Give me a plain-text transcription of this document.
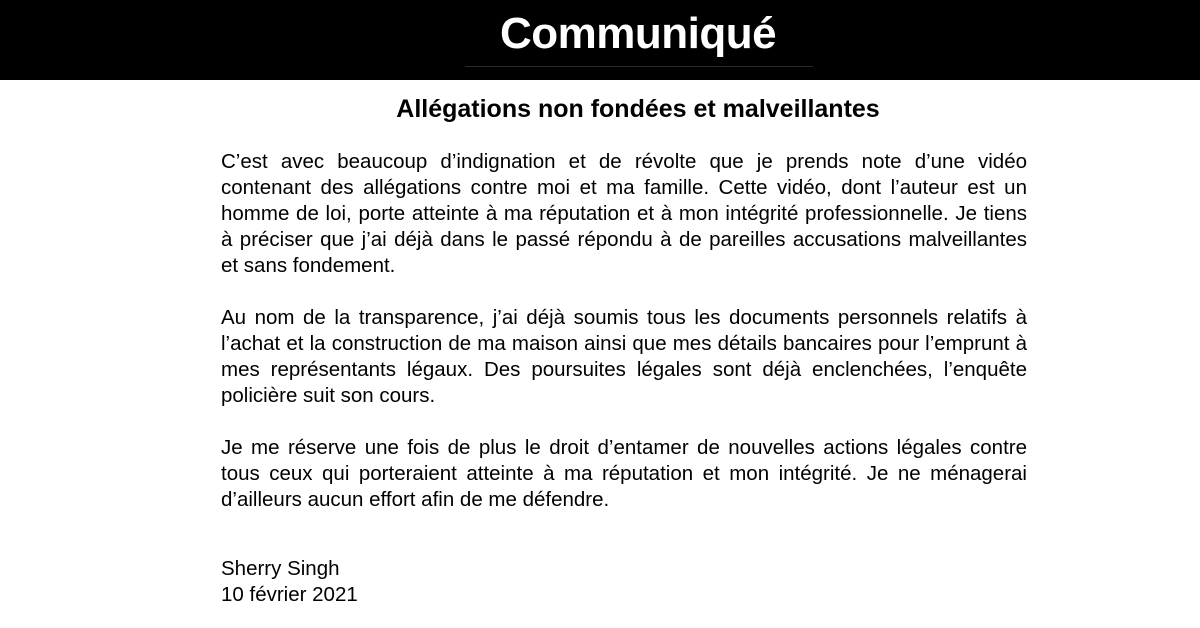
Communiqué
Allégations non fondées et malveillantes

C’est avec beaucoup d’indignation et de révolte que je prends note d’une vidéo contenant des allégations contre moi et ma famille. Cette vidéo, dont l’auteur est un homme de loi, porte atteinte à ma réputation et à mon intégrité professionnelle. Je tiens à préciser que j’ai déjà dans le passé répondu à de pareilles accusations malveillantes et sans fondement.

Au nom de la transparence, j’ai déjà soumis tous les documents personnels relatifs à l’achat et la construction de ma maison ainsi que mes détails bancaires pour l’emprunt à mes représentants légaux. Des poursuites légales sont déjà enclenchées, l’enquête policière suit son cours.

Je me réserve une fois de plus le droit d’entamer de nouvelles actions légales contre tous ceux qui porteraient atteinte à ma réputation et mon intégrité. Je ne ménagerai d’ailleurs aucun effort afin de me défendre.

Sherry Singh
10 février 2021
